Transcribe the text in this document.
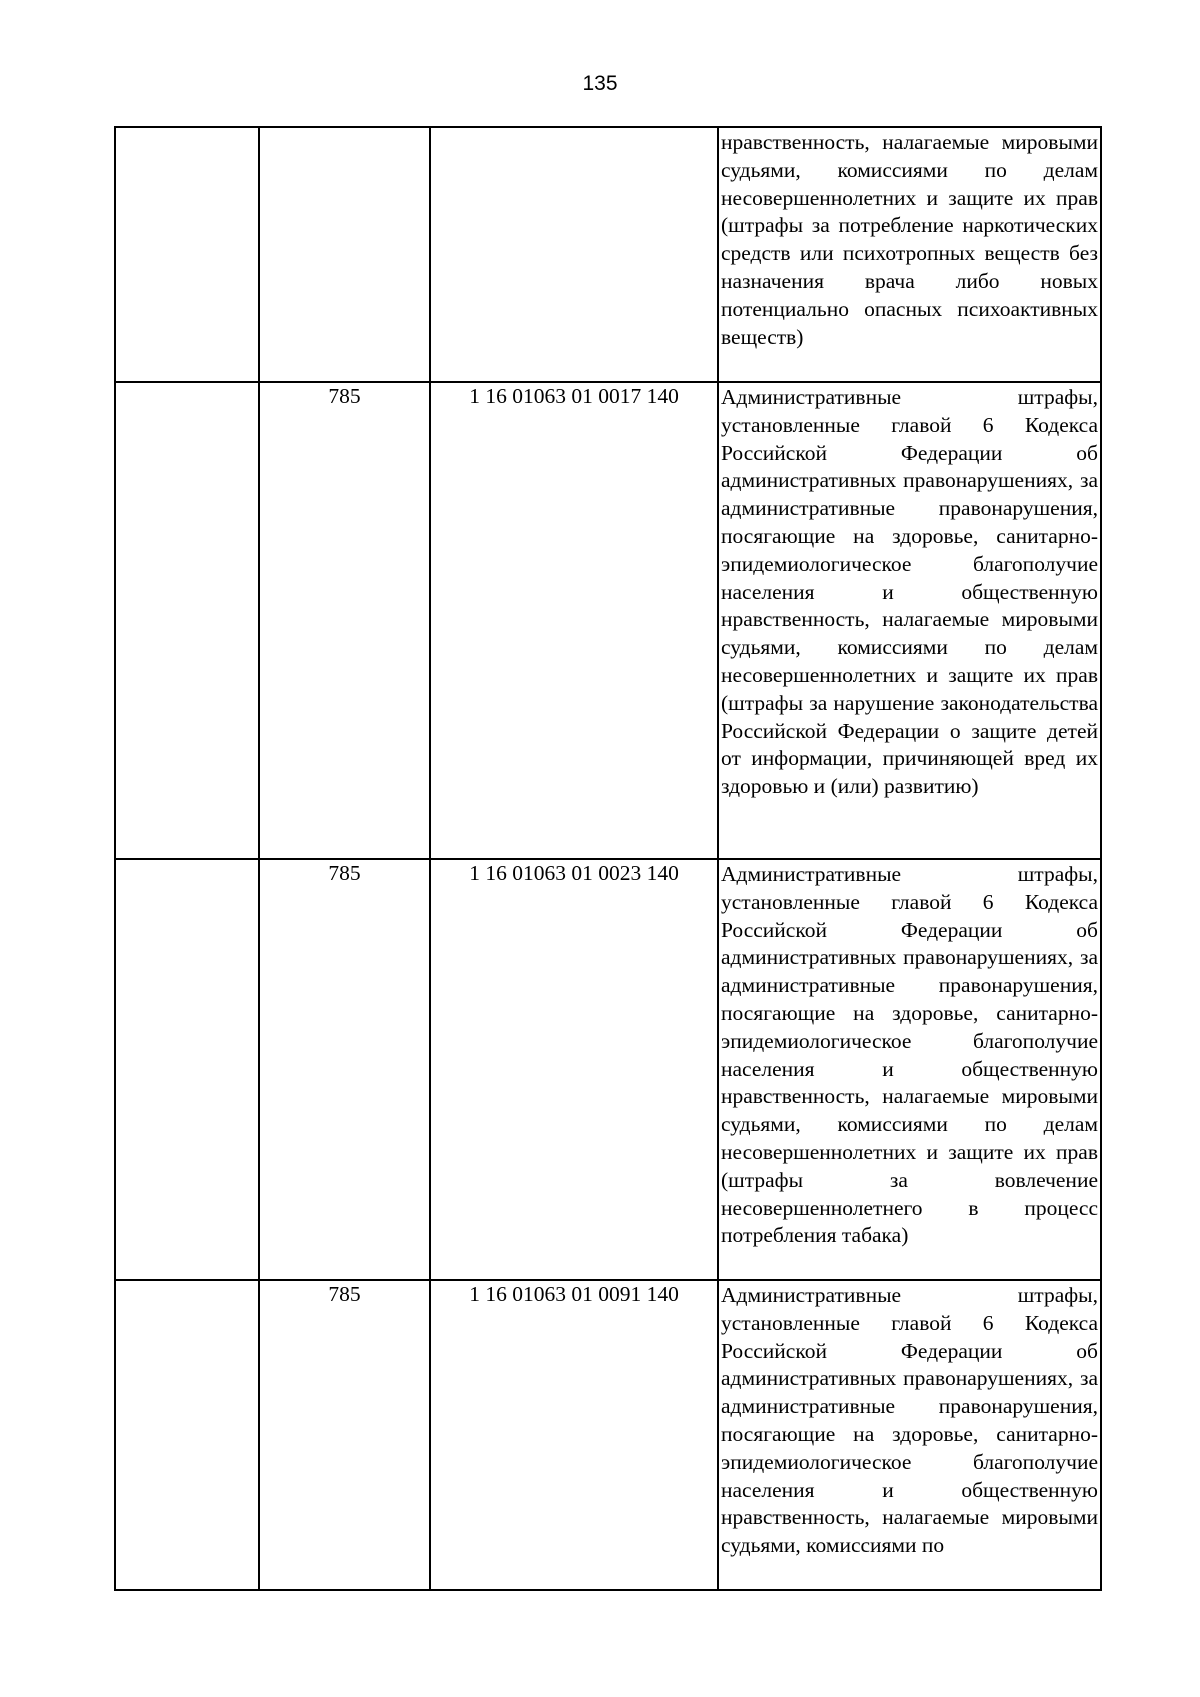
135
			нравственность, налагаемые мировыми судьями, комиссиями по делам несовершеннолетних и защите их прав (штрафы за потребление наркотических средств или психотропных веществ без назначения врача либо новых потенциально опасных психоактивных веществ)
	785	1 16 01063 01 0017 140	Административные штрафы, установленные главой 6 Кодекса Российской Федерации об административных правонарушениях, за административные правонарушения, посягающие на здоровье, санитарно-эпидемиологическое благополучие населения и общественную нравственность, налагаемые мировыми судьями, комиссиями по делам несовершеннолетних и защите их прав (штрафы за нарушение законодательства Российской Федерации о защите детей от информации, причиняющей вред их здоровью и (или) развитию)
	785	1 16 01063 01 0023 140	Административные штрафы, установленные главой 6 Кодекса Российской Федерации об административных правонарушениях, за административные правонарушения, посягающие на здоровье, санитарно-эпидемиологическое благополучие населения и общественную нравственность, налагаемые мировыми судьями, комиссиями по делам несовершеннолетних и защите их прав (штрафы за вовлечение несовершеннолетнего в процесс потребления табака)
	785	1 16 01063 01 0091 140	Административные штрафы, установленные главой 6 Кодекса Российской Федерации об административных правонарушениях, за административные правонарушения, посягающие на здоровье, санитарно-эпидемиологическое благополучие населения и общественную нравственность, налагаемые мировыми судьями, комиссиями по
